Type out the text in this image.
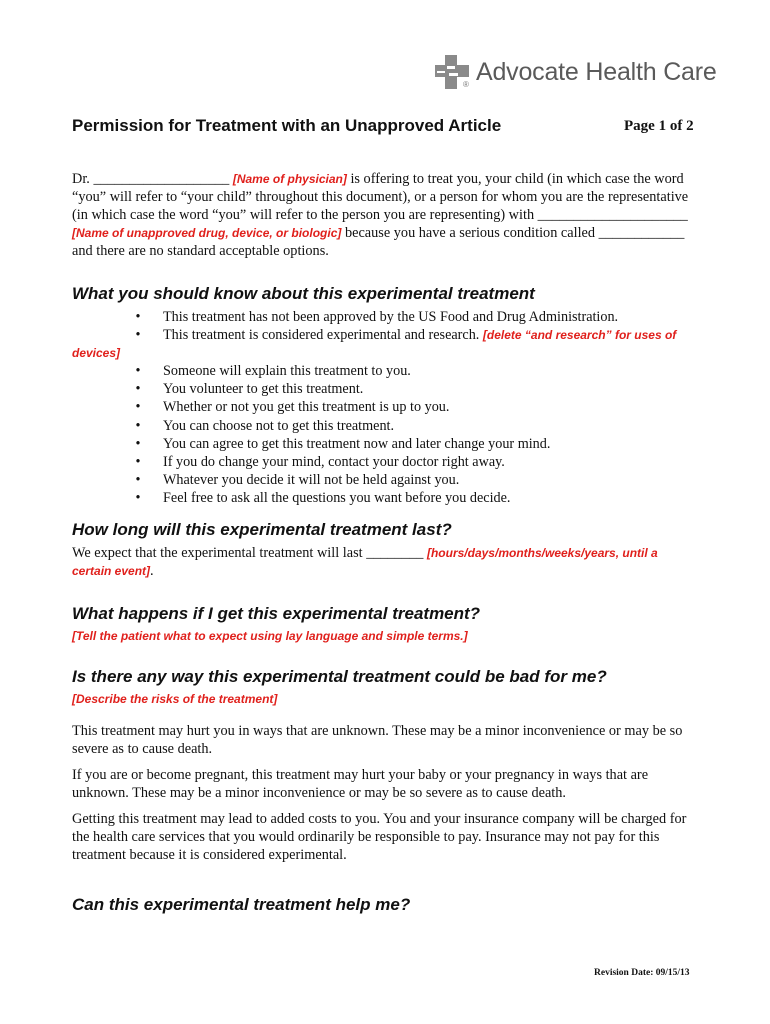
Advocate Health Care
®
Permission for Treatment with an Unapproved Article	Page 1 of 2
Dr. ___________________ [Name of physician] is offering to treat you, your child (in which case the word “you” will refer to “your child” throughout this document), or a person for whom you are the representative (in which case the word “you” will refer to the person you are representing) with _____________________ [Name of unapproved drug, device, or biologic] because you have a serious condition called ____________ and there are no standard acceptable options.
What you should know about this experimental treatment
•	This treatment has not been approved by the US Food and Drug Administration.
• This treatment is considered experimental and research. [delete “and research” for uses of devices]
•	Someone will explain this treatment to you.
•	You volunteer to get this treatment.
•	Whether or not you get this treatment is up to you.
•	You can choose not to get this treatment.
•	You can agree to get this treatment now and later change your mind.
•	If you do change your mind, contact your doctor right away.
•	Whatever you decide it will not be held against you.
•	Feel free to ask all the questions you want before you decide.
How long will this experimental treatment last?
We expect that the experimental treatment will last ________ [hours/days/months/weeks/years, until a certain event].
What happens if I get this experimental treatment?
[Tell the patient what to expect using lay language and simple terms.]
Is there any way this experimental treatment could be bad for me?
[Describe the risks of the treatment]
This treatment may hurt you in ways that are unknown. These may be a minor inconvenience or may be so severe as to cause death.
If you are or become pregnant, this treatment may hurt your baby or your pregnancy in ways that are unknown. These may be a minor inconvenience or may be so severe as to cause death.
Getting this treatment may lead to added costs to you. You and your insurance company will be charged for the health care services that you would ordinarily be responsible to pay. Insurance may not pay for this treatment because it is considered experimental.
Can this experimental treatment help me?
Revision Date: 09/15/13
